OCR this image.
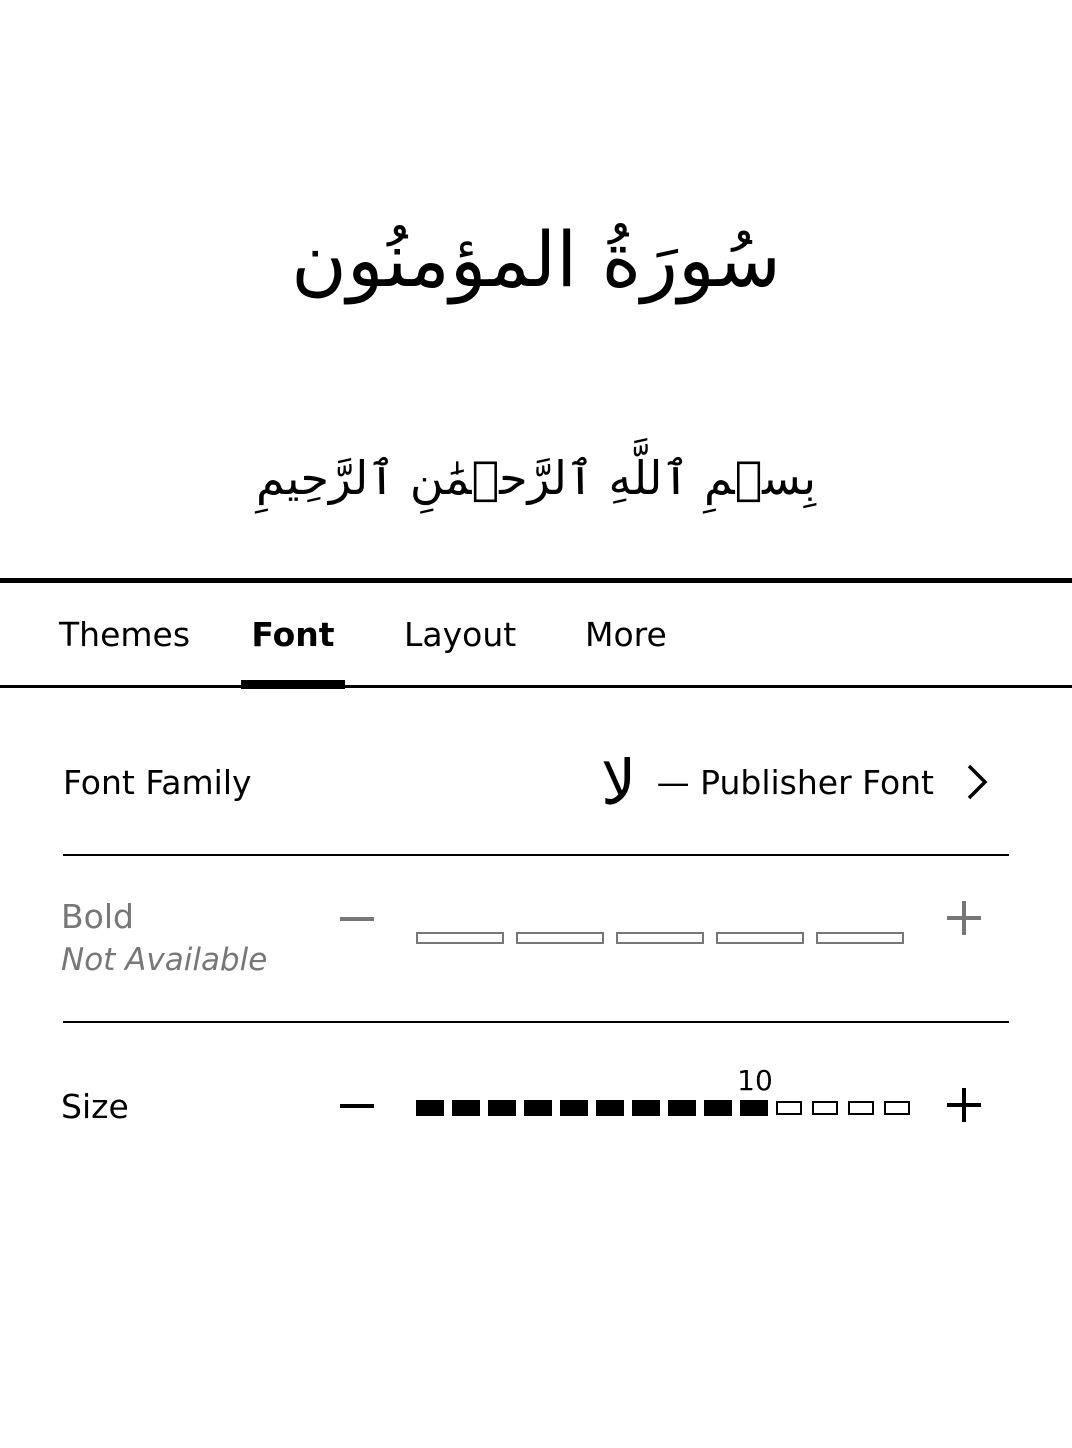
سُورَةُ المؤمنُون
بِسۡمِ ٱللَّهِ ٱلرَّحۡمَٰنِ ٱلرَّحِيمِ
Themes	Font	Layout More
Font Family	لا — Publisher Font
Bold
Not Available
Size
10
